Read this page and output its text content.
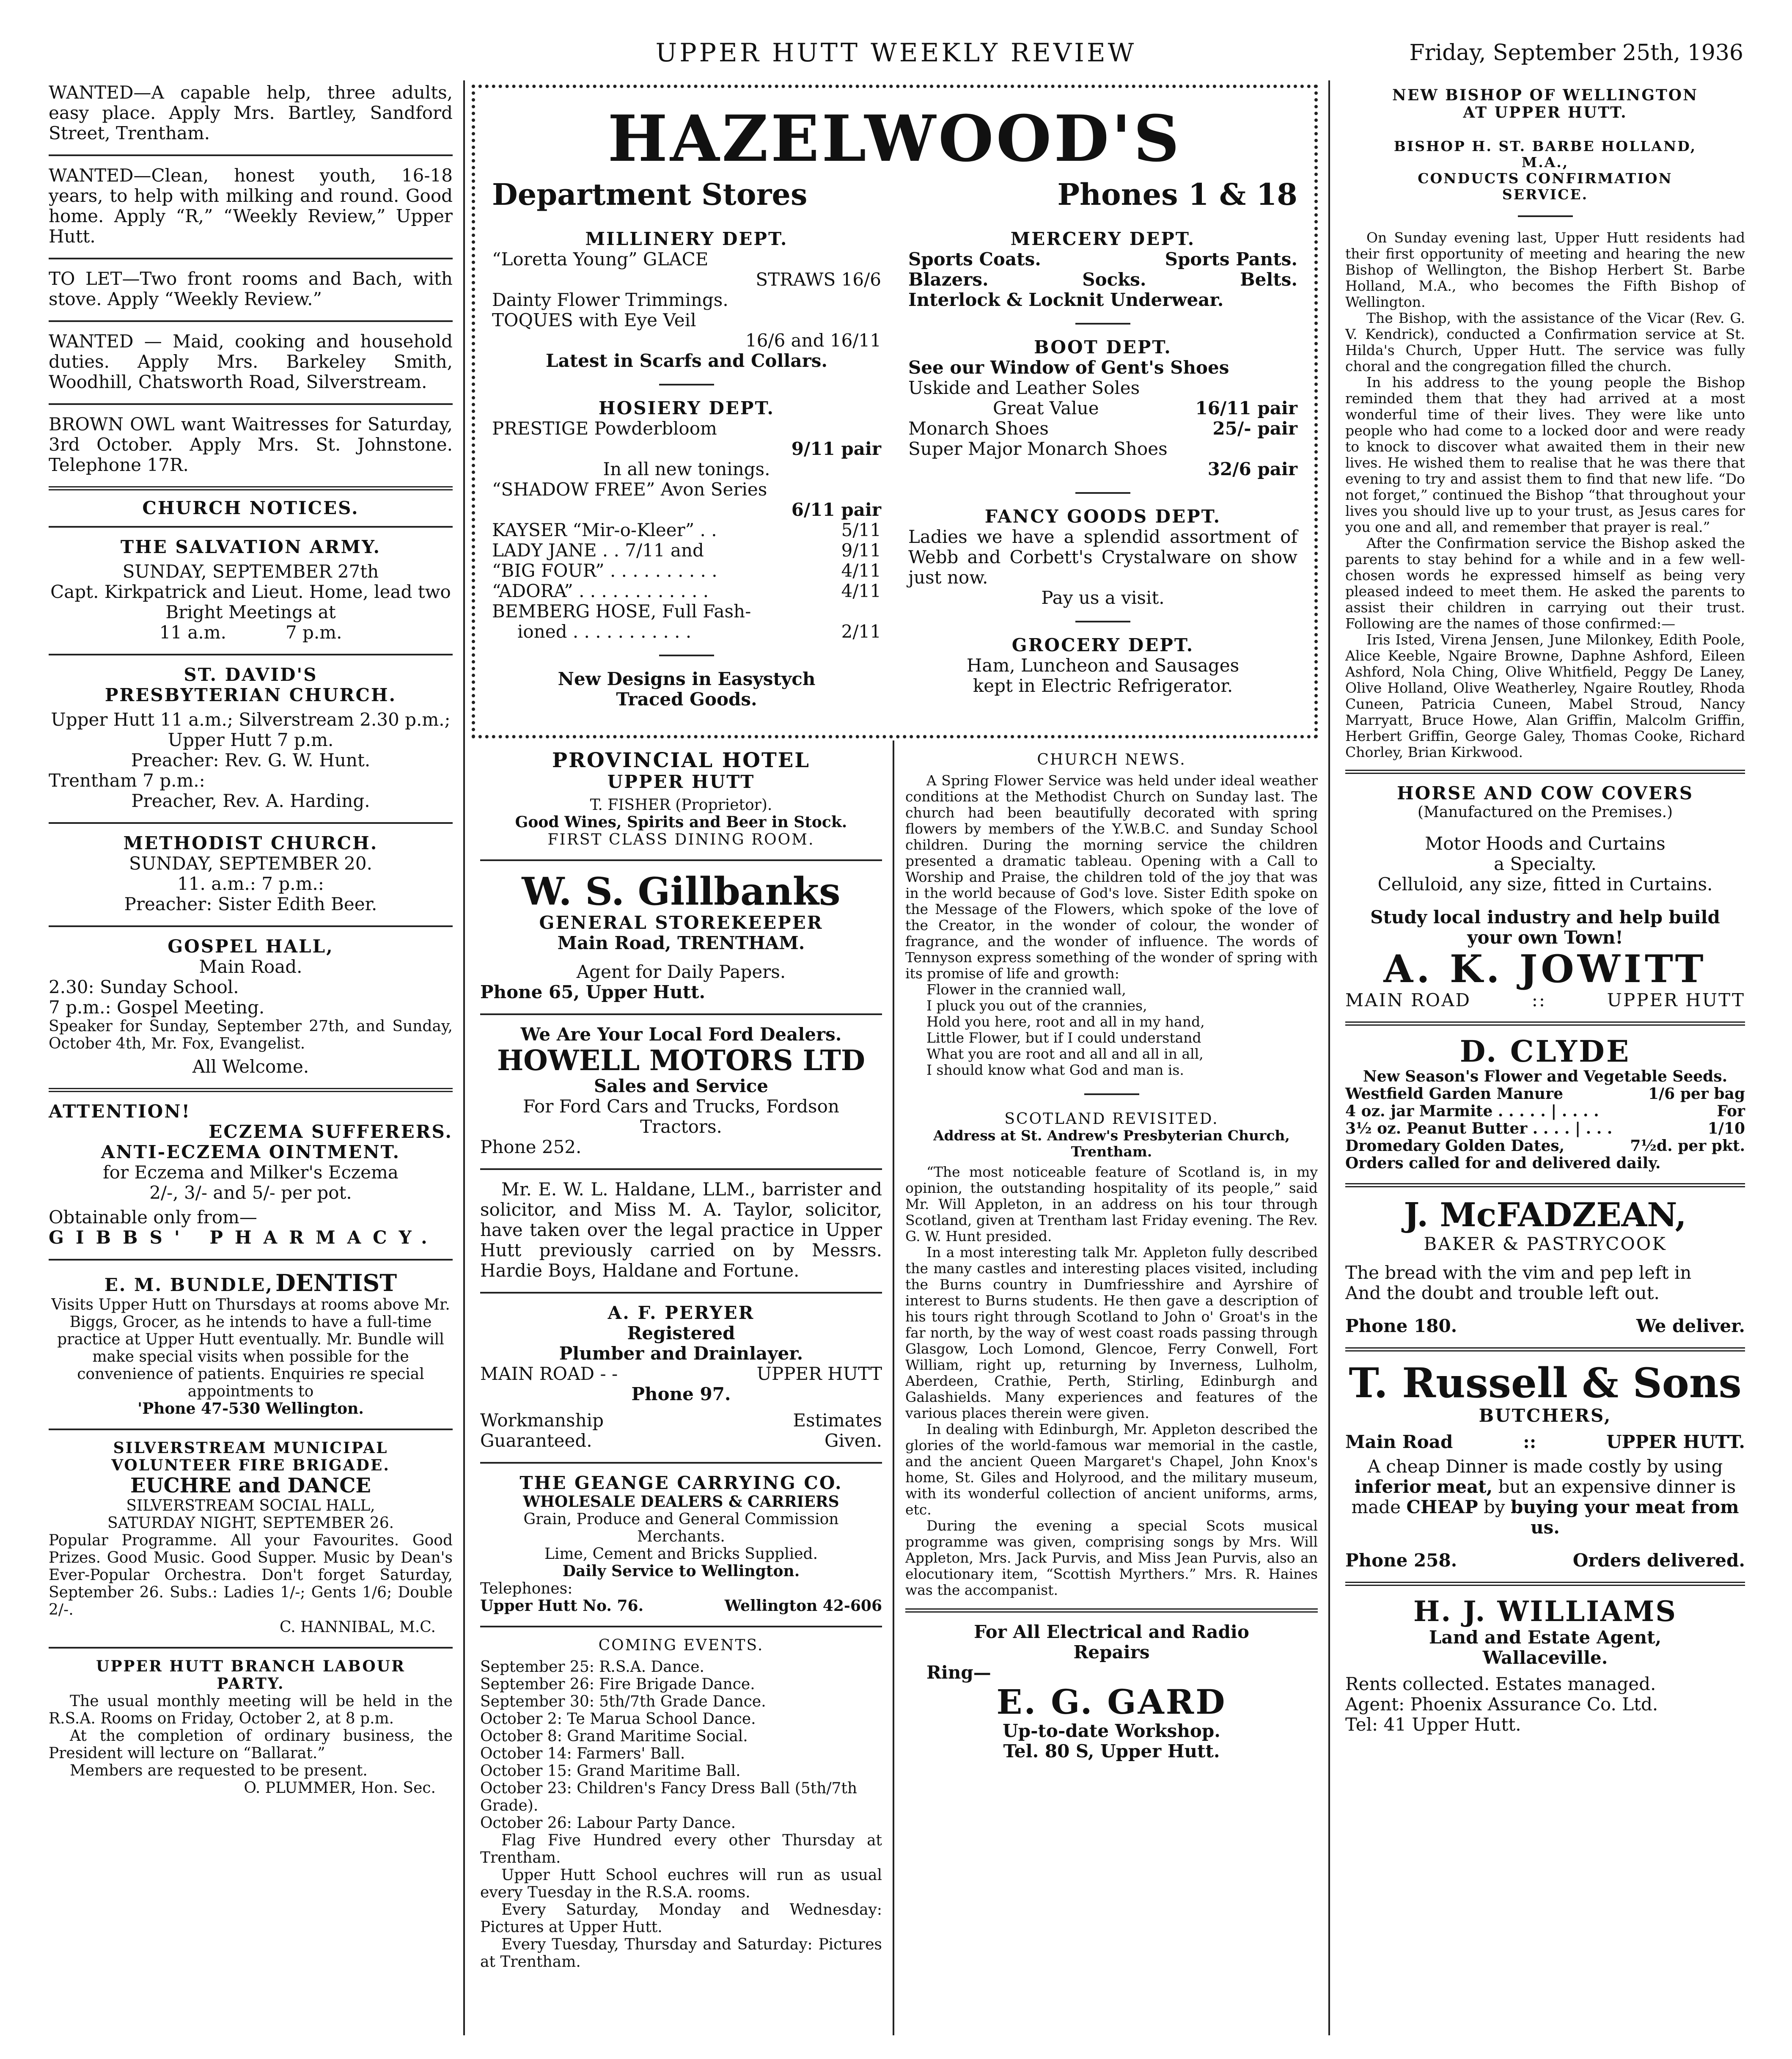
UPPER HUTT WEEKLY REVIEW	Friday, September 25th, 1936

WANTED—A capable help, three adults, easy place. Apply Mrs. Bartley, Sandford Street, Trentham.

WANTED—Clean, honest youth, 16-18 years, to help with milking and round. Good home. Apply “R,” “Weekly Review,” Upper Hutt.

TO LET—Two front rooms and Bach, with stove. Apply “Weekly Review.”

WANTED — Maid, cooking and household duties. Apply Mrs. Barkeley Smith, Woodhill, Chatsworth Road, Silverstream.

BROWN OWL want Waitresses for Saturday, 3rd October. Apply Mrs. St. Johnstone. Telephone 17R.

CHURCH NOTICES.

THE SALVATION ARMY.

SUNDAY, SEPTEMBER 27th

Capt. Kirkpatrick and Lieut. Home, lead two Bright Meetings at

11 a.m.	7 p.m.

ST. DAVID'S

PRESBYTERIAN CHURCH.

Upper Hutt 11 a.m.; Silverstream 2.30 p.m.; Upper Hutt 7 p.m.

Preacher: Rev. G. W. Hunt.

Trentham 7 p.m.:

Preacher, Rev. A. Harding.

METHODIST CHURCH.

SUNDAY, SEPTEMBER 20.

11. a.m.: 7 p.m.:

Preacher: Sister Edith Beer.

GOSPEL HALL,

Main Road.

2.30: Sunday School.

7 p.m.: Gospel Meeting.

Speaker for Sunday, September 27th, and Sunday, October 4th, Mr. Fox, Evangelist.

All Welcome.

ATTENTION!

ECZEMA SUFFERERS.

ANTI-ECZEMA OINTMENT.

for Eczema and Milker's Eczema

2/-, 3/- and 5/- per pot.

Obtainable only from—

GIBBS' PHARMACY.

E. M. BUNDLE, DENTIST

Visits Upper Hutt on Thursdays at rooms above Mr. Biggs, Grocer, as he intends to have a full-time practice at Upper Hutt eventually. Mr. Bundle will make special visits when possible for the convenience of patients. Enquiries re special appointments to

'Phone 47-530 Wellington.

SILVERSTREAM MUNICIPAL

VOLUNTEER FIRE BRIGADE.

EUCHRE and DANCE

SILVERSTREAM SOCIAL HALL,

SATURDAY NIGHT, SEPTEMBER 26.

Popular Programme. All your Favourites. Good Prizes. Good Music. Good Supper. Music by Dean's Ever-Popular Orchestra. Don't forget Saturday, September 26. Subs.: Ladies 1/-; Gents 1/6; Double 2/-.

C. HANNIBAL, M.C.

UPPER HUTT BRANCH LABOUR

PARTY.

The usual monthly meeting will be held in the R.S.A. Rooms on Friday, October 2, at 8 p.m.

At the completion of ordinary business, the President will lecture on “Ballarat.”

Members are requested to be present.

O. PLUMMER, Hon. Sec.

HAZELWOOD'S

Department Stores	Phones 1 & 18

MILLINERY DEPT.

“Loretta Young” GLACE

STRAWS 16/6

Dainty Flower Trimmings.

TOQUES with Eye Veil

16/6 and 16/11

Latest in Scarfs and Collars.

HOSIERY DEPT.

PRESTIGE Powderbloom

9/11 pair

In all new tonings.

“SHADOW FREE” Avon Series

6/11 pair

KAYSER “Mir-o-Kleer” . .	5/11
LADY JANE . . 7/11 and	9/11
“BIG FOUR” . . . . . . . . . .	4/11
“ADORA” . . . . . . . . . . . .	4/11

BEMBERG HOSE, Full Fash-

ioned . . . . . . . . . . .	2/11

New Designs in Easystych

Traced Goods.

MERCERY DEPT.

Sports Coats.	Sports Pants.
Blazers.	Socks.	Belts.

Interlock & Locknit Underwear.

BOOT DEPT.

See our Window of Gent's Shoes

Uskide and Leather Soles

Great Value	16/11 pair
Monarch Shoes	25/- pair

Super Major Monarch Shoes

32/6 pair

FANCY GOODS DEPT.

Ladies we have a splendid assortment of Webb and Corbett's Crystalware on show just now.

Pay us a visit.

GROCERY DEPT.

Ham, Luncheon and Sausages

kept in Electric Refrigerator.

PROVINCIAL HOTEL

UPPER HUTT

T. FISHER (Proprietor).

Good Wines, Spirits and Beer in Stock.

FIRST CLASS DINING ROOM.

W. S. Gillbanks

GENERAL STOREKEEPER

Main Road, TRENTHAM.

Agent for Daily Papers.

Phone 65, Upper Hutt.

We Are Your Local Ford Dealers.

HOWELL MOTORS LTD

Sales and Service

For Ford Cars and Trucks, Fordson Tractors.

Phone 252.

Mr. E. W. L. Haldane, LLM., barrister and solicitor, and Miss M. A. Taylor, solicitor, have taken over the legal practice in Upper Hutt previously carried on by Messrs. Hardie Boys, Haldane and Fortune.

A. F. PERYER

Registered

Plumber and Drainlayer.

MAIN ROAD - -	UPPER HUTT

Phone 97.

Workmanship	Estimates
Guaranteed.	Given.

THE GEANGE CARRYING CO.

WHOLESALE DEALERS & CARRIERS

Grain, Produce and General Commission Merchants.

Lime, Cement and Bricks Supplied.

Daily Service to Wellington.

Telephones:

Upper Hutt No. 76.	Wellington 42-606

COMING EVENTS.

September 25: R.S.A. Dance.

September 26: Fire Brigade Dance.

September 30: 5th/7th Grade Dance.

October 2: Te Marua School Dance.

October 8: Grand Maritime Social.

October 14: Farmers' Ball.

October 15: Grand Maritime Ball.

October 23: Children's Fancy Dress Ball (5th/7th Grade).

October 26: Labour Party Dance.

Flag Five Hundred every other Thursday at Trentham.

Upper Hutt School euchres will run as usual every Tuesday in the R.S.A. rooms.

Every Saturday, Monday and Wednesday: Pictures at Upper Hutt.

Every Tuesday, Thursday and Saturday: Pictures at Trentham.

CHURCH NEWS.

A Spring Flower Service was held under ideal weather conditions at the Methodist Church on Sunday last. The church had been beautifully decorated with spring flowers by members of the Y.W.B.C. and Sunday School children. During the morning service the children presented a dramatic tableau. Opening with a Call to Worship and Praise, the children told of the joy that was in the world because of God's love. Sister Edith spoke on the Message of the Flowers, which spoke of the love of the Creator, in the wonder of colour, the wonder of fragrance, and the wonder of influence. The words of Tennyson express something of the wonder of spring with its promise of life and growth:

Flower in the crannied wall,

I pluck you out of the crannies,

Hold you here, root and all in my hand,

Little Flower, but if I could understand

What you are root and all and all in all,

I should know what God and man is.

SCOTLAND REVISITED.

Address at St. Andrew's Presbyterian Church, Trentham.

“The most noticeable feature of Scotland is, in my opinion, the outstanding hospitality of its people,” said Mr. Will Appleton, in an address on his tour through Scotland, given at Trentham last Friday evening. The Rev. G. W. Hunt presided.

In a most interesting talk Mr. Appleton fully described the many castles and interesting places visited, including the Burns country in Dumfriesshire and Ayrshire of interest to Burns students. He then gave a description of his tours right through Scotland to John o' Groat's in the far north, by the way of west coast roads passing through Glasgow, Loch Lomond, Glencoe, Ferry Conwell, Fort William, right up, returning by Inverness, Lulholm, Aberdeen, Crathie, Perth, Stirling, Edinburgh and Galashields. Many experiences and features of the various places therein were given.

In dealing with Edinburgh, Mr. Appleton described the glories of the world-famous war memorial in the castle, and the ancient Queen Margaret's Chapel, John Knox's home, St. Giles and Holyrood, and the military museum, with its wonderful collection of ancient uniforms, arms, etc.

During the evening a special Scots musical programme was given, comprising songs by Mrs. Will Appleton, Mrs. Jack Purvis, and Miss Jean Purvis, also an elocutionary item, “Scottish Myrthers.” Mrs. R. Haines was the accompanist.

For All Electrical and Radio

Repairs

Ring—

E. G. GARD

Up-to-date Workshop.

Tel. 80 S, Upper Hutt.

NEW BISHOP OF WELLINGTON

AT UPPER HUTT.

BISHOP H. ST. BARBE HOLLAND,

M.A.,

CONDUCTS CONFIRMATION

SERVICE.

On Sunday evening last, Upper Hutt residents had their first opportunity of meeting and hearing the new Bishop of Wellington, the Bishop Herbert St. Barbe Holland, M.A., who becomes the Fifth Bishop of Wellington.

The Bishop, with the assistance of the Vicar (Rev. G. V. Kendrick), conducted a Confirmation service at St. Hilda's Church, Upper Hutt. The service was fully choral and the congregation filled the church.

In his address to the young people the Bishop reminded them that they had arrived at a most wonderful time of their lives. They were like unto people who had come to a locked door and were ready to knock to discover what awaited them in their new lives. He wished them to realise that he was there that evening to try and assist them to find that new life. “Do not forget,” continued the Bishop “that throughout your lives you should live up to your trust, as Jesus cares for you one and all, and remember that prayer is real.”

After the Confirmation service the Bishop asked the parents to stay behind for a while and in a few well-chosen words he expressed himself as being very pleased indeed to meet them. He asked the parents to assist their children in carrying out their trust. Following are the names of those confirmed:—

Iris Isted, Virena Jensen, June Milonkey, Edith Poole, Alice Keeble, Ngaire Browne, Daphne Ashford, Eileen Ashford, Nola Ching, Olive Whitfield, Peggy De Laney, Olive Holland, Olive Weatherley, Ngaire Routley, Rhoda Cuneen, Patricia Cuneen, Mabel Stroud, Nancy Marryatt, Bruce Howe, Alan Griffin, Malcolm Griffin, Herbert Griffin, George Galey, Thomas Cooke, Richard Chorley, Brian Kirkwood.

HORSE AND COW COVERS

(Manufactured on the Premises.)

Motor Hoods and Curtains

a Specialty.

Celluloid, any size, fitted in Curtains.

Study local industry and help build

your own Town!

A. K. JOWITT

MAIN ROAD	::	UPPER HUTT

D. CLYDE

New Season's Flower and Vegetable Seeds.

Westfield Garden Manure	1/6 per bag
4 oz. jar Marmite . . . . . | . . . .	For
3½ oz. Peanut Butter . . . . | . . .	1/10
Dromedary Golden Dates,	7½d. per pkt.

Orders called for and delivered daily.

J. McFADZEAN,

BAKER & PASTRYCOOK

The bread with the vim and pep left in

And the doubt and trouble left out.

Phone 180.	We deliver.

T. Russell & Sons

BUTCHERS,

Main Road	::	UPPER HUTT.

A cheap Dinner is made costly by using inferior meat, but an expensive dinner is made CHEAP by buying your meat from us.

Phone 258.	Orders delivered.

H. J. WILLIAMS

Land and Estate Agent,

Wallaceville.

Rents collected. Estates managed.

Agent: Phoenix Assurance Co. Ltd.

Tel: 41 Upper Hutt.
